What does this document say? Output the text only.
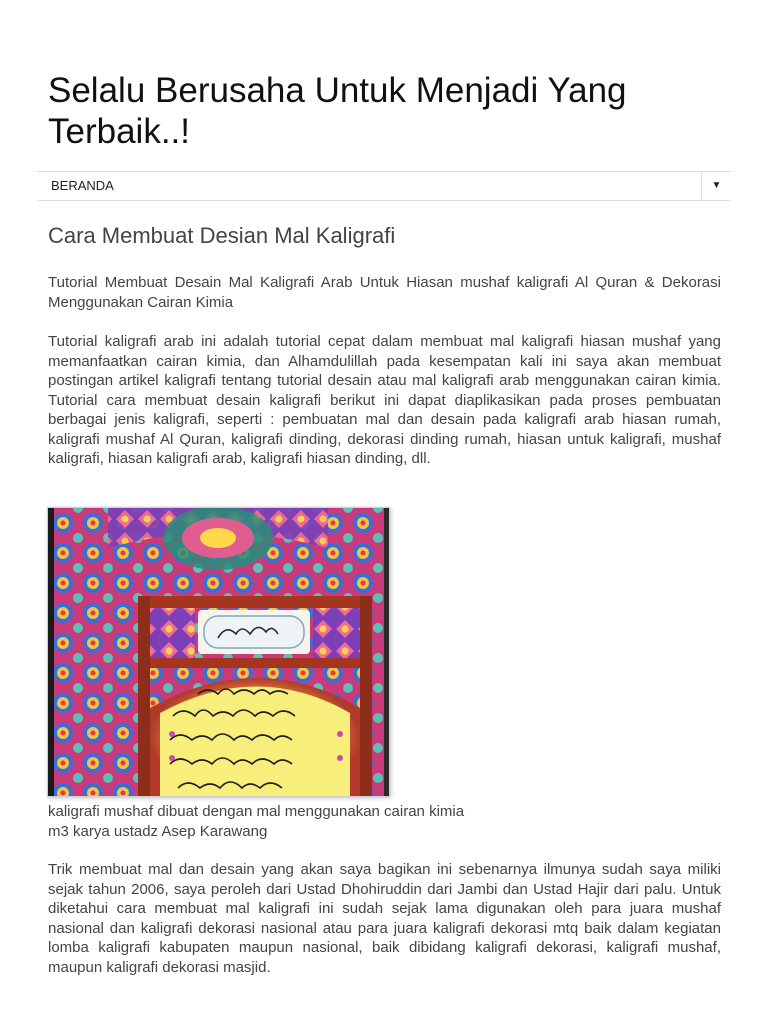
Selalu Berusaha Untuk Menjadi Yang Terbaik..!
BERANDA	▼
Cara Membuat Desian Mal Kaligrafi

Tutorial Membuat Desain Mal Kaligrafi Arab Untuk Hiasan mushaf kaligrafi Al Quran & Dekorasi Menggunakan Cairan Kimia

Tutorial kaligrafi arab ini adalah tutorial cepat dalam membuat mal kaligrafi hiasan mushaf yang memanfaatkan cairan kimia, dan Alhamdulillah pada kesempatan kali ini saya akan membuat postingan artikel kaligrafi tentang tutorial desain atau mal kaligrafi arab menggunakan cairan kimia. Tutorial cara membuat desain kaligrafi berikut ini dapat diaplikasikan pada proses pembuatan berbagai jenis kaligrafi, seperti : pembuatan mal dan desain pada kaligrafi arab hiasan rumah, kaligrafi mushaf Al Quran, kaligrafi dinding, dekorasi dinding rumah, hiasan untuk kaligrafi, mushaf kaligrafi, hiasan kaligrafi arab, kaligrafi hiasan dinding, dll.

kaligrafi mushaf dibuat dengan mal menggunakan cairan kimia m3 karya ustadz Asep Karawang

Trik membuat mal dan desain yang akan saya bagikan ini sebenarnya ilmunya sudah saya miliki sejak tahun 2006, saya peroleh dari Ustad Dhohiruddin dari Jambi dan Ustad Hajir dari palu. Untuk diketahui cara membuat mal kaligrafi ini sudah sejak lama digunakan oleh para juara mushaf nasional dan kaligrafi dekorasi nasional atau para juara kaligrafi dekorasi mtq baik dalam kegiatan lomba kaligrafi kabupaten maupun nasional, baik dibidang kaligrafi dekorasi, kaligrafi mushaf, maupun kaligrafi dekorasi masjid.
